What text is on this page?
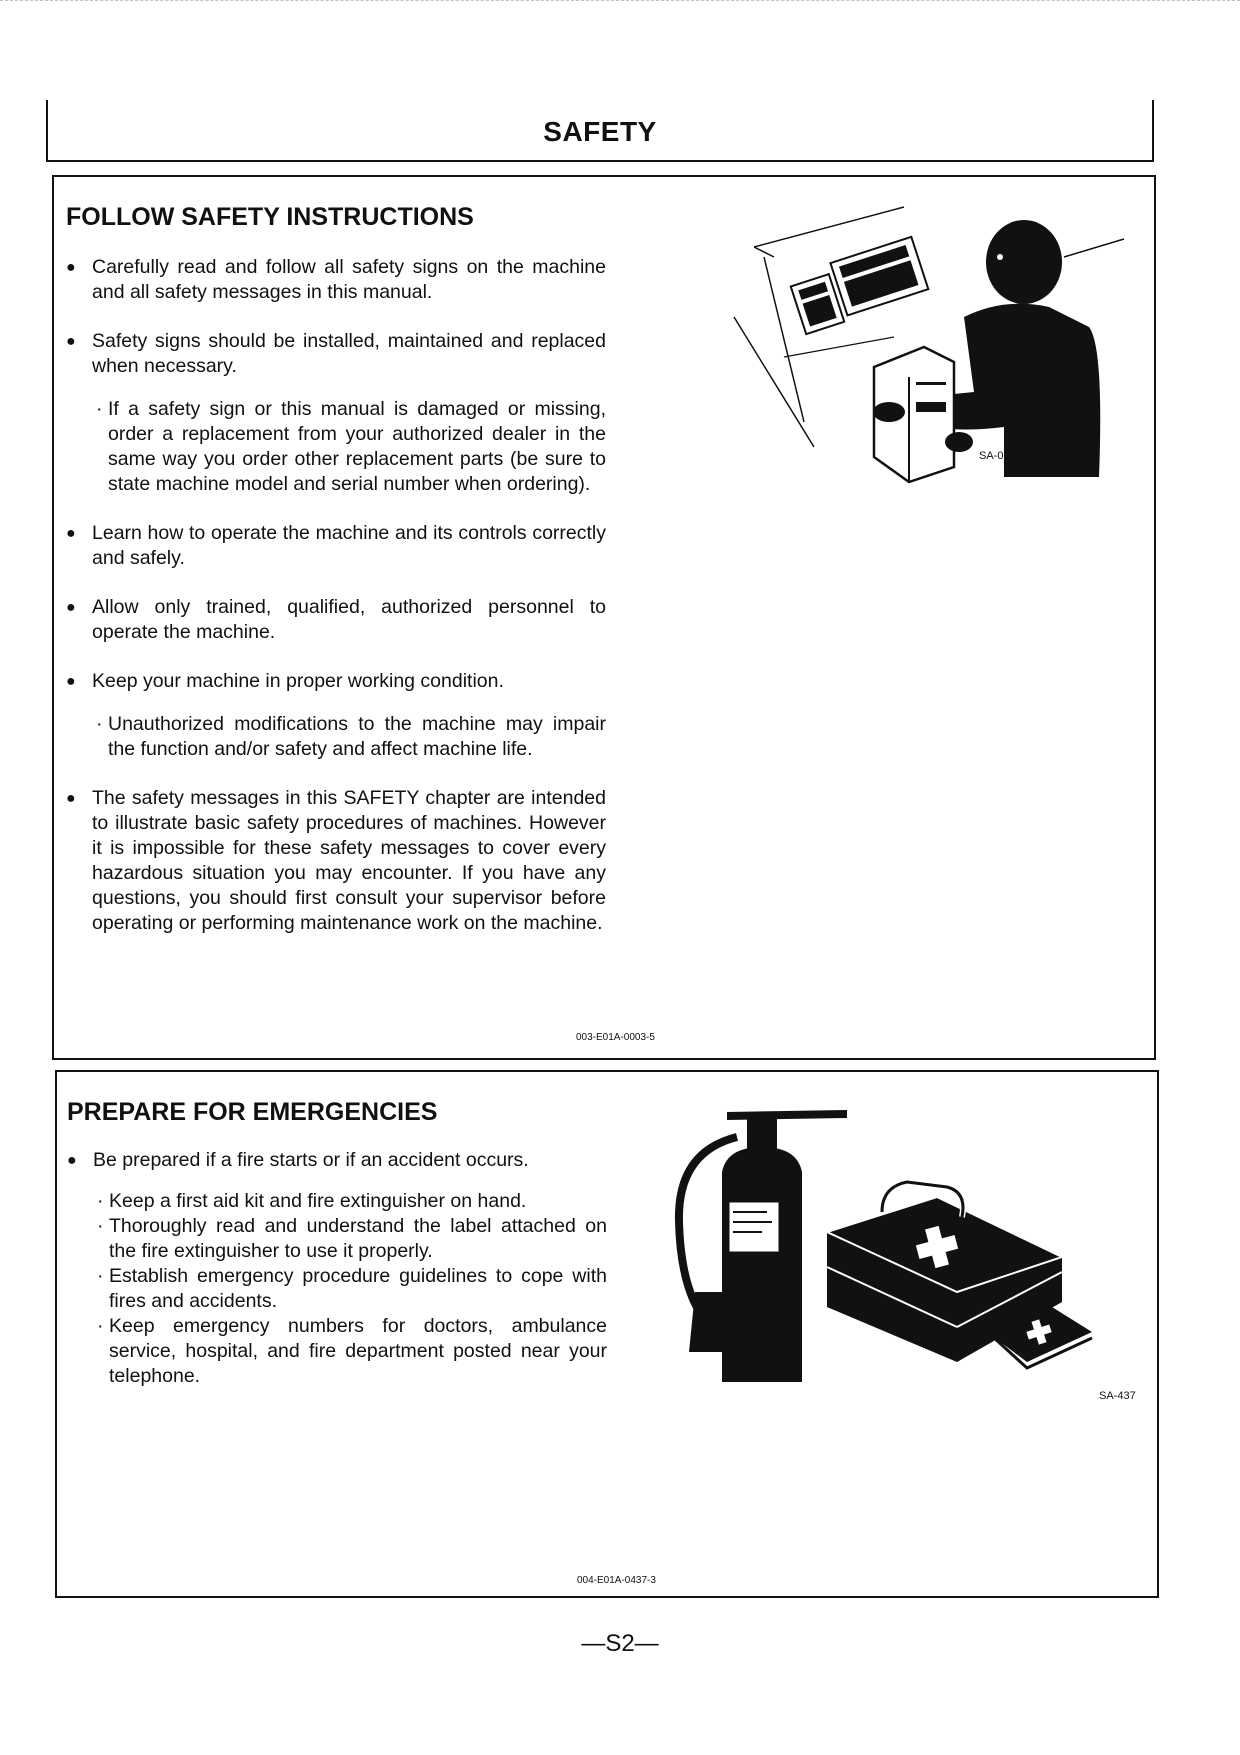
SAFETY
FOLLOW SAFETY INSTRUCTIONS
● Carefully read and follow all safety signs on the machine and all safety messages in this manual.
● Safety signs should be installed, maintained and replaced when necessary.
· If a safety sign or this manual is damaged or missing, order a replacement from your authorized dealer in the same way you order other replacement parts (be sure to state machine model and serial number when ordering).
● Learn how to operate the machine and its controls correctly and safely.
● Allow only trained, qualified, authorized personnel to operate the machine.
● Keep your machine in proper working condition.
· Unauthorized modifications to the machine may impair the function and/or safety and affect machine life.
● The safety messages in this SAFETY chapter are intended to illustrate basic safety procedures of machines. However it is impossible for these safety messages to cover every hazardous situation you may encounter. If you have any questions, you should first consult your supervisor before operating or performing maintenance work on the machine.
SA-003
003-E01A-0003-5
PREPARE FOR EMERGENCIES
● Be prepared if a fire starts or if an accident occurs.
· Keep a first aid kit and fire extinguisher on hand.
· Thoroughly read and understand the label attached on the fire extinguisher to use it properly.
· Establish emergency procedure guidelines to cope with fires and accidents.
· Keep emergency numbers for doctors, ambulance service, hospital, and fire department posted near your telephone.
SA-437
004-E01A-0437-3
—S2—
